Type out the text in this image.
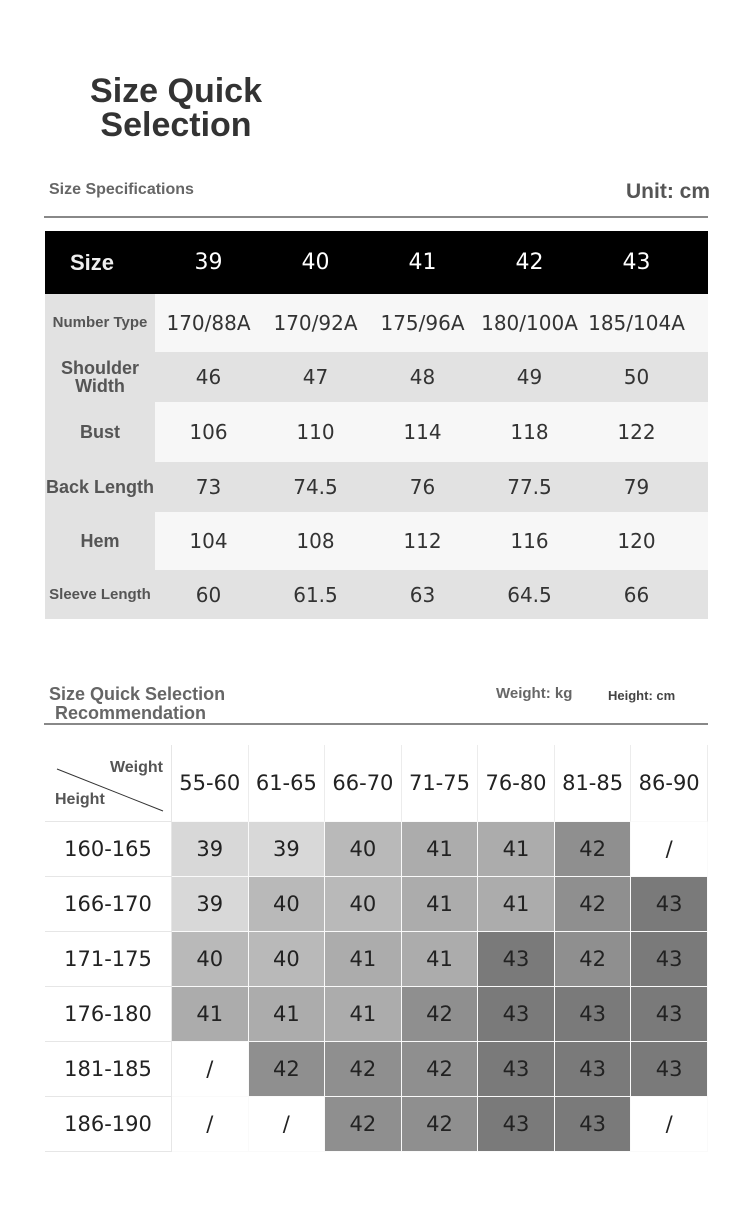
Size Quick
Selection
Size Specifications	Unit: cm
Size	39	40	41	42	43
Number Type 170/88A	170/92A	175/96A 180/100A 185/104A
Shoulder Width	46	47	48	49	50
Bust	106	110	114	118	122
Back Length	73	74.5	76	77.5	79
Hem	104	108	112	116	120
Sleeve Length	60	61.5	63	64.5	66
Size Quick Selection
Recommendation
Weight: kg	Height: cm
Weight
Height
55-60 61-65 66-70 71-75 76-80 81-85 86-90
160-165	39	39	40	41	41	42	/
166-170	39	40	40	41	41	42	43
171-175	40	40	41	41	43	42	43
176-180	41	41	41	42	43	43	43
181-185	/	42	42	42	43	43	43
186-190	/	/	42	42	43	43	/
